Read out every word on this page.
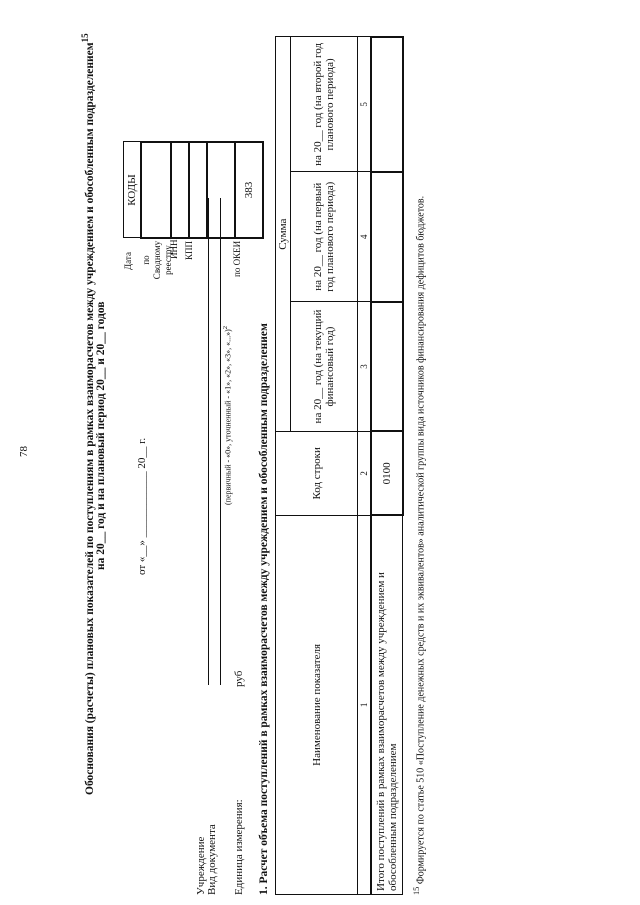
78	Обоснования (расчеты) плановых показателей по поступлениям в рамках взаиморасчетов между учреждением и обособленным подразделением$^{15}$
на 20__ год и на плановый период 20__ и 20__ годов
КОДЫ

383
Дата по Сводному реестру
ИНН КПП	по ОКЕИ
от «__» ____________ 20__ г.
Учреждение Вид документа
(первичный - «0», уточненный - «1», «2», «3», «...»)$^2$
Единица измерения:
руб 1. Расчет объема поступлений в рамках взаиморасчетов между учреждением и обособленным подразделением	Наименование показателя	Код строки	Сумма		
		на 20__ год (на текущий финансовый год)	на 20__ год (на первый год планового периода)	на 20__ год (на второй год планового периода)
1	2	3	4	5
Итого поступлений в рамках взаиморасчетов между учреждением и обособленным подразделением	0100			
$^{15}$ Формируется по статье 510 «Поступление денежных средств и их эквивалентов» аналитической группы вида источников финансирования дефицитов бюджетов.
